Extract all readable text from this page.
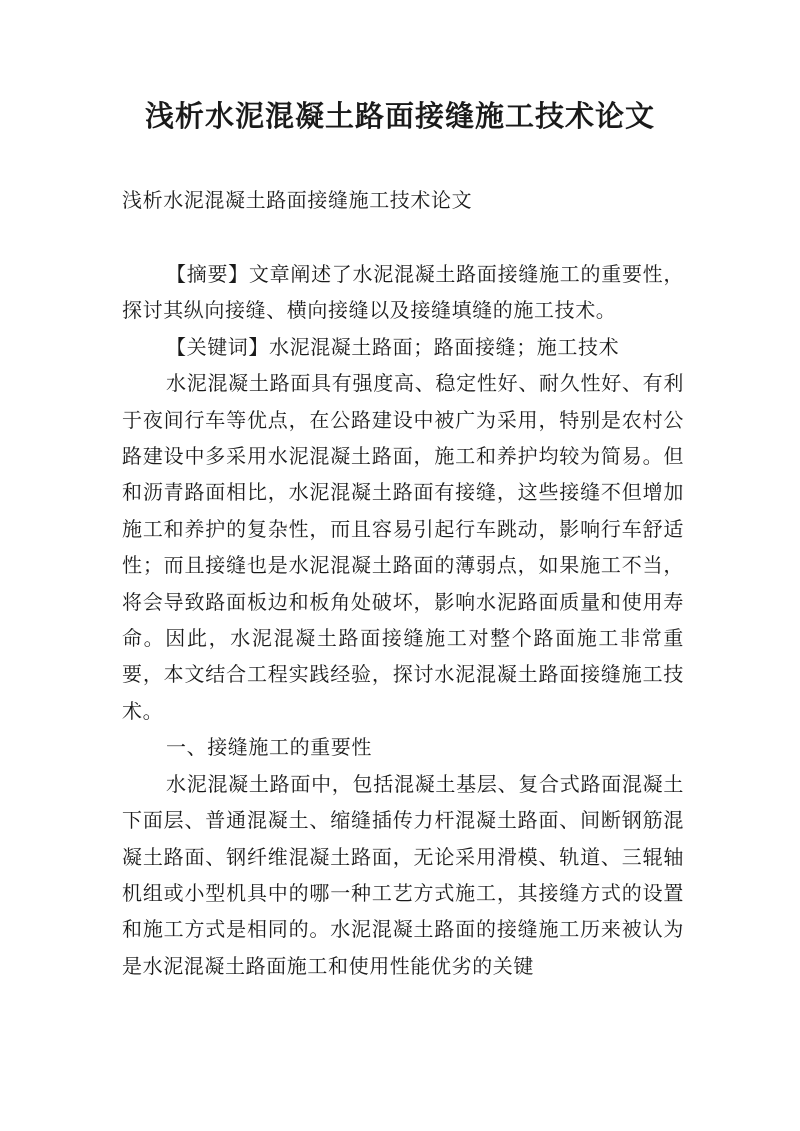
浅析水泥混凝土路面接缝施工技术论文
浅析水泥混凝土路面接缝施工技术论文

【摘要】文章阐述了水泥混凝土路面接缝施工的重要性，探讨其纵向接缝、横向接缝以及接缝填缝的施工技术。

【关键词】水泥混凝土路面；路面接缝；施工技术

水泥混凝土路面具有强度高、稳定性好、耐久性好、有利于夜间行车等优点，在公路建设中被广为采用，特别是农村公路建设中多采用水泥混凝土路面，施工和养护均较为简易。但和沥青路面相比，水泥混凝土路面有接缝，这些接缝不但增加施工和养护的复杂性，而且容易引起行车跳动，影响行车舒适性；而且接缝也是水泥混凝土路面的薄弱点，如果施工不当，将会导致路面板边和板角处破坏，影响水泥路面质量和使用寿命。因此，水泥混凝土路面接缝施工对整个路面施工非常重要，本文结合工程实践经验，探讨水泥混凝土路面接缝施工技术。

一、接缝施工的重要性

水泥混凝土路面中，包括混凝土基层、复合式路面混凝土下面层、普通混凝土、缩缝插传力杆混凝土路面、间断钢筋混凝土路面、钢纤维混凝土路面，无论采用滑模、轨道、三辊轴机组或小型机具中的哪一种工艺方式施工，其接缝方式的设置和施工方式是相同的。水泥混凝土路面的接缝施工历来被认为是水泥混凝土路面施工和使用性能优劣的关键
